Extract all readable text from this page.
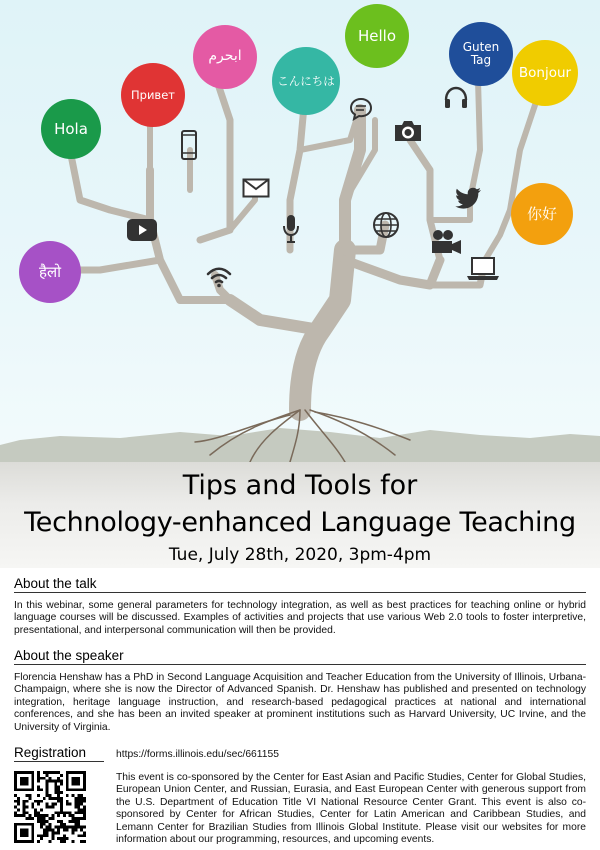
Hola
Привет
ابحرم
こんにちは
Hello
Guten Tag
Bonjour
你好
हैलो
Tips and Tools for
Technology-enhanced Language Teaching
Tue, July 28th, 2020, 3pm-4pm
About the talk
In this webinar, some general parameters for technology integration, as well as best practices for teaching online or hybrid language courses will be discussed. Examples of activities and projects that use various Web 2.0 tools to foster interpretive, presentational, and interpersonal communication will then be provided.
About the speaker
Florencia Henshaw has a PhD in Second Language Acquisition and Teacher Education from the University of Illinois, Urbana-Champaign, where she is now the Director of Advanced Spanish. Dr. Henshaw has published and presented on technology integration, heritage language instruction, and research-based pedagogical practices at national and international conferences, and she has been an invited speaker at prominent institutions such as Harvard University, UC Irvine, and the University of Virginia.
Registration	https://forms.illinois.edu/sec/661155
This event is co-sponsored by the Center for East Asian and Pacific Studies, Center for Global Studies, European Union Center, and Russian, Eurasia, and East European Center with generous support from the U.S. Department of Education Title VI National Resource Center Grant. This event is also co-sponsored by Center for African Studies, Center for Latin American and Caribbean Studies, and Lemann Center for Brazilian Studies from Illinois Global Institute. Please visit our websites for more information about our programming, resources, and upcoming events.
